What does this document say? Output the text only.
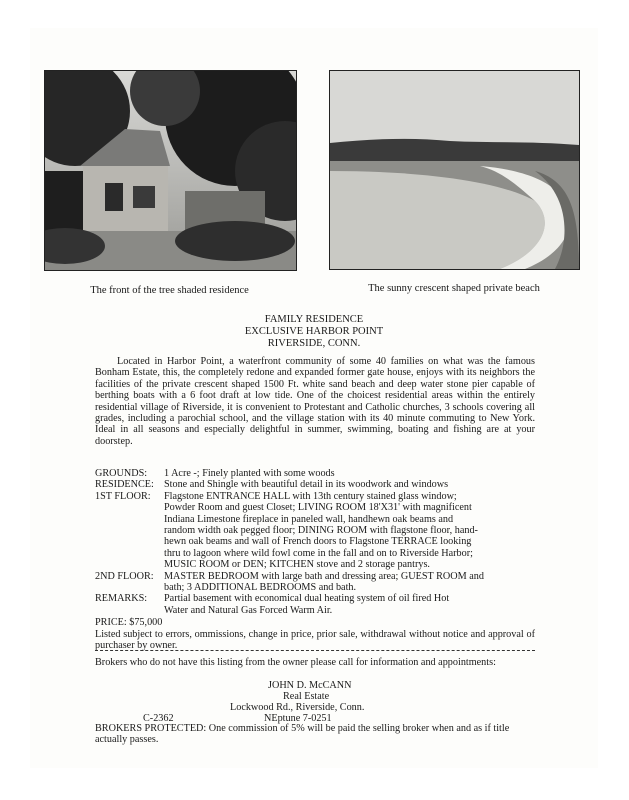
The front of the tree shaded residence	The sunny crescent shaped private beach
FAMILY RESIDENCE
EXCLUSIVE HARBOR POINT
RIVERSIDE, CONN.
Located in Harbor Point, a waterfront community of some 40 families on what was the famous Bonham Estate, this, the completely redone and expanded former gate house, enjoys with its neighbors the facilities of the private crescent shaped 1500 Ft. white sand beach and deep water stone pier capable of berthing boats with a 6 foot draft at low tide. One of the choicest residential areas within the entirely residential village of Riverside, it is convenient to Protestant and Catholic churches, 3 schools covering all grades, including a parochial school, and the village station with its 40 minute commuting to New York. Ideal in all seasons and especially delightful in summer, swimming, boating and fishing are at your doorstep.
GROUNDS:	1 Acre -; Finely planted with some woods
RESIDENCE: Stone and Shingle with beautiful detail in its woodwork and windows
1ST FLOOR:	Flagstone ENTRANCE HALL with 13th century stained glass window;
Powder Room and guest Closet; LIVING ROOM 18'X31' with magnificent
Indiana Limestone fireplace in paneled wall, handhewn oak beams and
random width oak pegged floor; DINING ROOM with flagstone floor, hand-
hewn oak beams and wall of French doors to Flagstone TERRACE looking
thru to lagoon where wild fowl come in the fall and on to Riverside Harbor;
MUSIC ROOM or DEN; KITCHEN stove and 2 storage pantrys.
2ND FLOOR:	MASTER BEDROOM with large bath and dressing area; GUEST ROOM and
bath; 3 ADDITIONAL BEDROOMS and bath.
REMARKS:	Partial basement with economical dual heating system of oil fired Hot
Water and Natural Gas Forced Warm Air.
PRICE: $75,000
Listed subject to errors, ommissions, change in price, prior sale, withdrawal without notice and approval of purchaser by owner.
Brokers who do not have this listing from the owner please call for information and appointments:
JOHN D. McCANN
Real Estate
Lockwood Rd., Riverside, Conn.
C-2362	NEptune 7-0251
BROKERS PROTECTED: One commission of 5% will be paid the selling broker when and as if title actually passes.
